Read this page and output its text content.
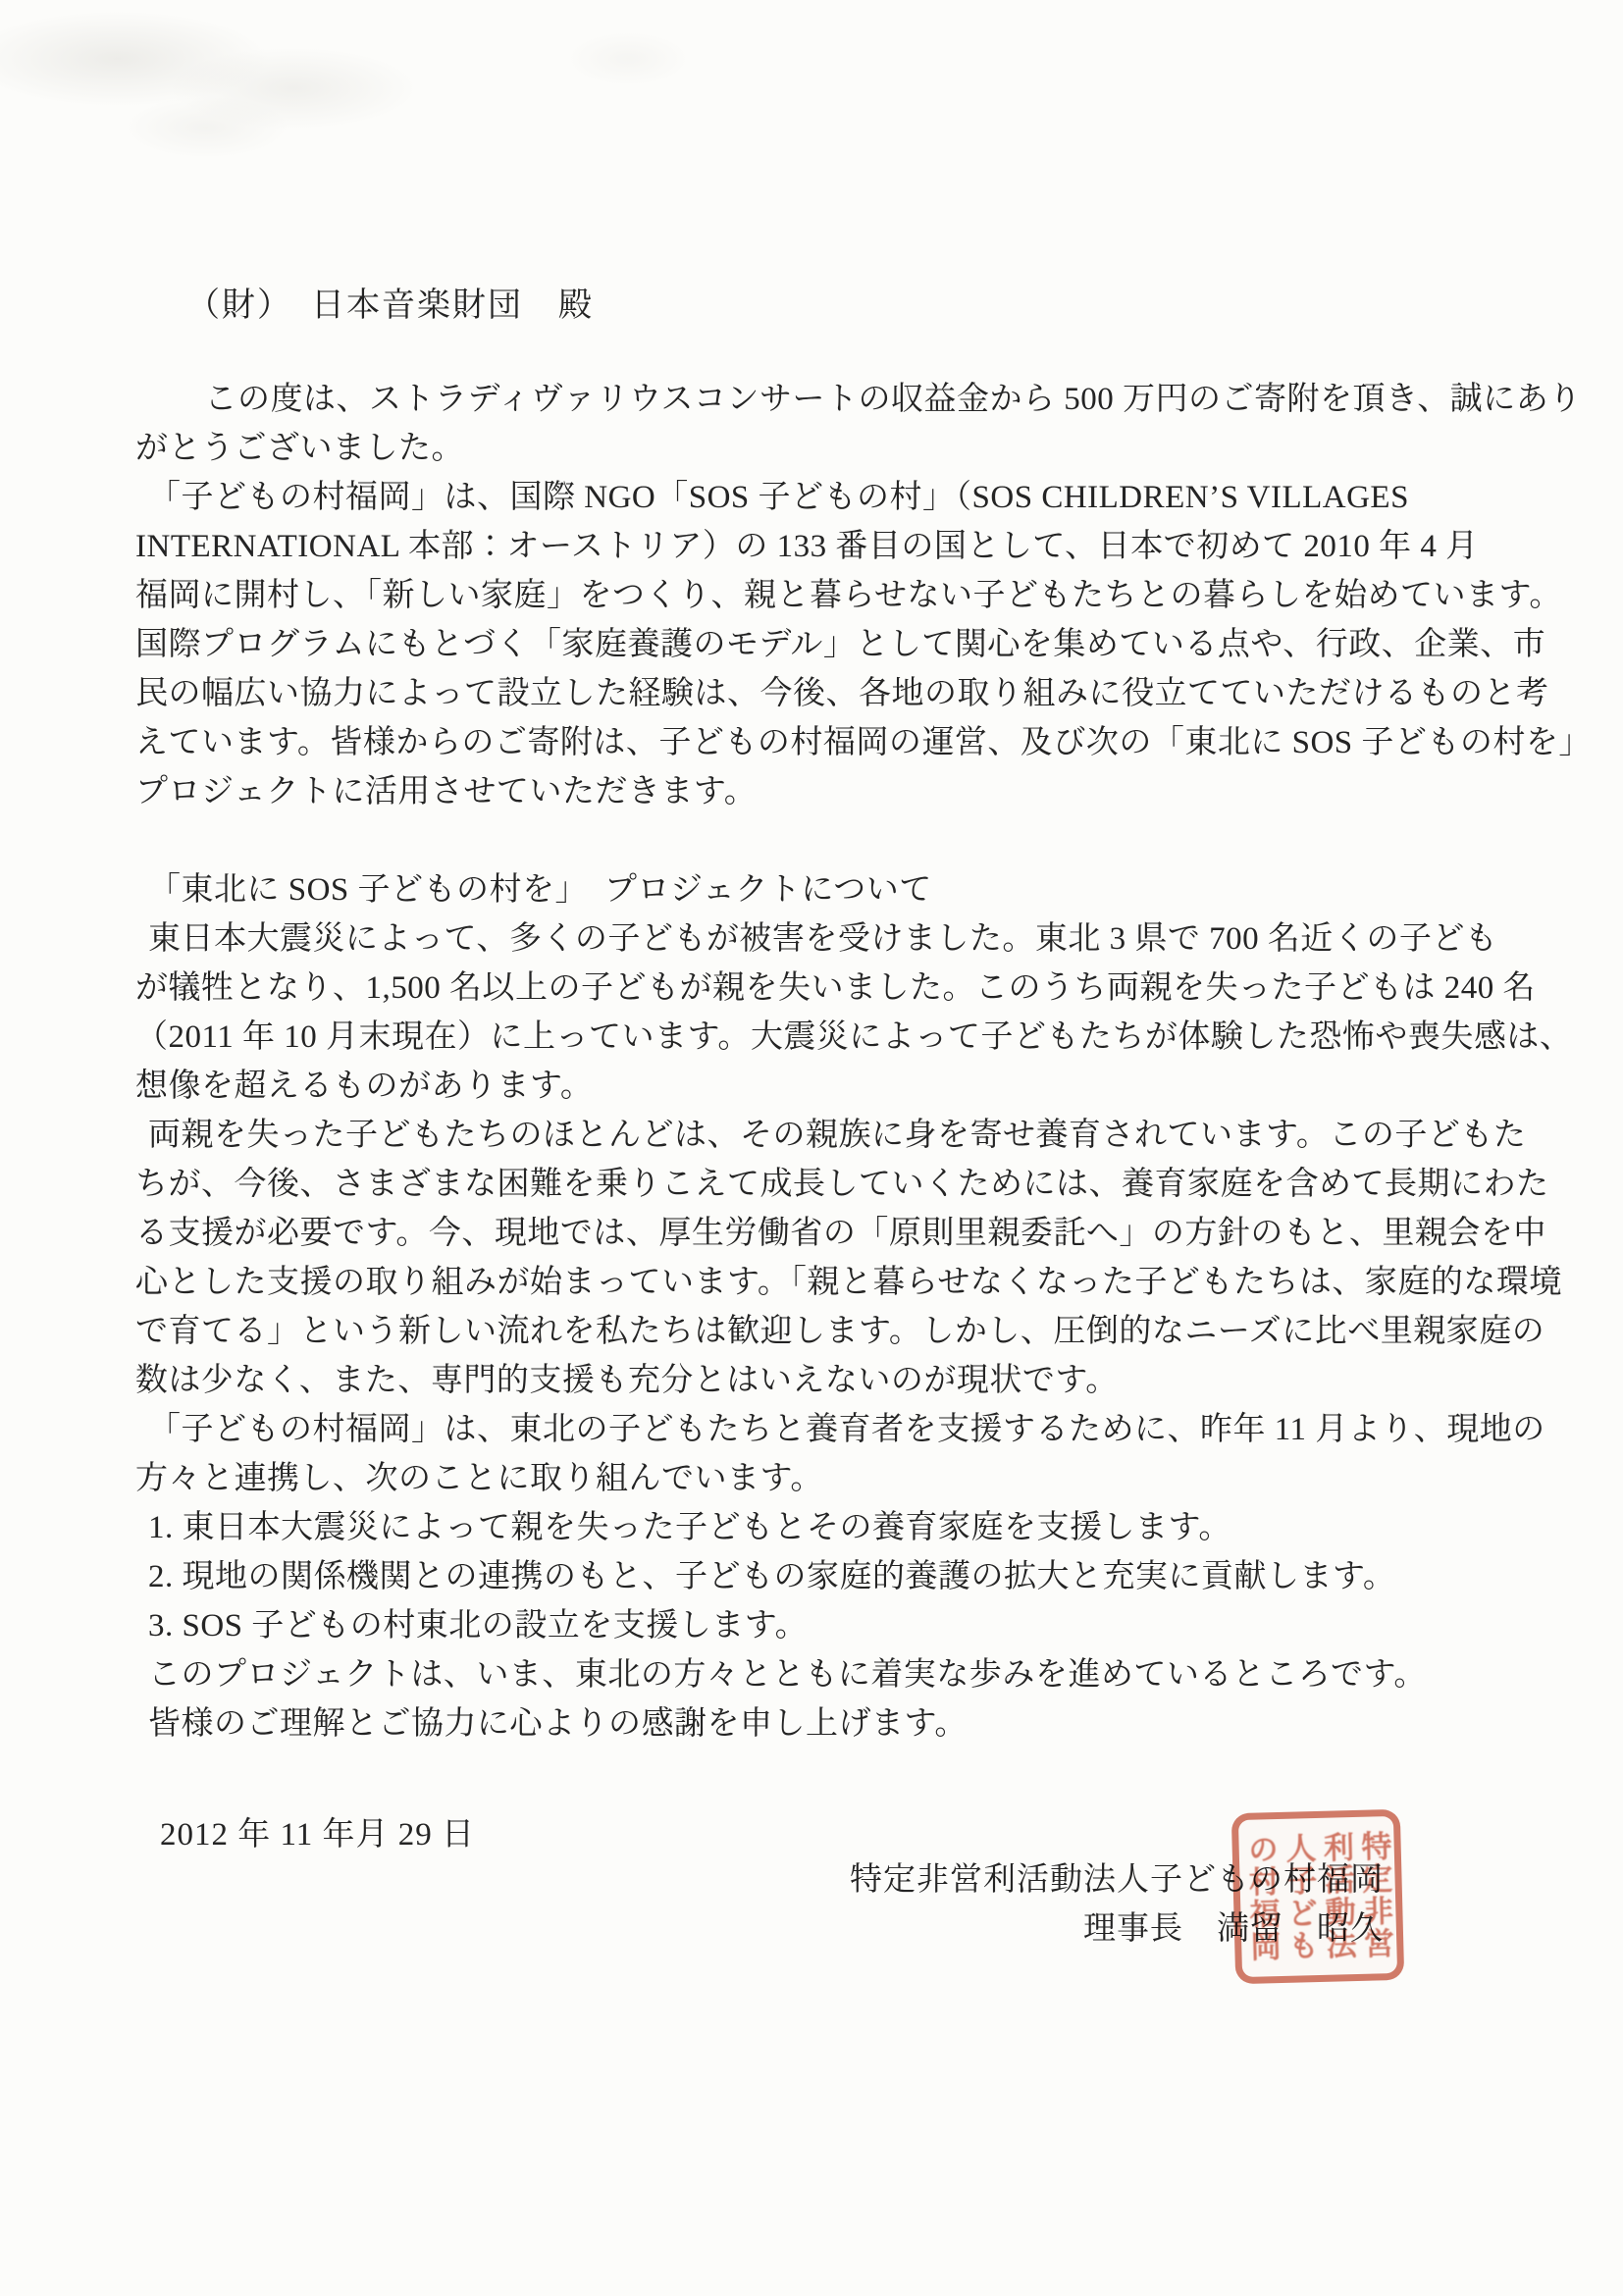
（財）　日本音楽財団　殿
　この度は、ストラディヴァリウスコンサートの収益金から 500 万円のご寄附を頂き、誠にあり
がとうございました。
「子どもの村福岡」は、国際 NGO「SOS 子どもの村」（SOS CHILDREN’S VILLAGES
INTERNATIONAL 本部：オーストリア）の 133 番目の国として、日本で初めて 2010 年 4 月
福岡に開村し、「新しい家庭」をつくり、親と暮らせない子どもたちとの暮らしを始めています。
国際プログラムにもとづく「家庭養護のモデル」として関心を集めている点や、行政、企業、市
民の幅広い協力によって設立した経験は、今後、各地の取り組みに役立てていただけるものと考
えています。皆様からのご寄附は、子どもの村福岡の運営、及び次の「東北に SOS 子どもの村を」
プロジェクトに活用させていただきます。
「東北に SOS 子どもの村を」　プロジェクトについて
東日本大震災によって、多くの子どもが被害を受けました。東北 3 県で 700 名近くの子ども
が犠牲となり、1,500 名以上の子どもが親を失いました。このうち両親を失った子どもは 240 名
（2011 年 10 月末現在）に上っています。大震災によって子どもたちが体験した恐怖や喪失感は、
想像を超えるものがあります。
両親を失った子どもたちのほとんどは、その親族に身を寄せ養育されています。この子どもた
ちが、今後、さまざまな困難を乗りこえて成長していくためには、養育家庭を含めて長期にわた
る支援が必要です。今、現地では、厚生労働省の「原則里親委託へ」の方針のもと、里親会を中
心とした支援の取り組みが始まっています。「親と暮らせなくなった子どもたちは、家庭的な環境
で育てる」という新しい流れを私たちは歓迎します。しかし、圧倒的なニーズに比べ里親家庭の
数は少なく、また、専門的支援も充分とはいえないのが現状です。
「子どもの村福岡」は、東北の子どもたちと養育者を支援するために、昨年 11 月より、現地の
方々と連携し、次のことに取り組んでいます。
1. 東日本大震災によって親を失った子どもとその養育家庭を支援します。
2. 現地の関係機関との連携のもと、子どもの家庭的養護の拡大と充実に貢献します。
3. SOS 子どもの村東北の設立を支援します。
このプロジェクトは、いま、東北の方々とともに着実な歩みを進めているところです。
皆様のご理解とご協力に心よりの感謝を申し上げます。
2012 年 11 年月 29 日
特定非営利活動法人子どもの村福岡
理事長　満留　昭久
特定非営
利活動法
人子ども
の村福岡
